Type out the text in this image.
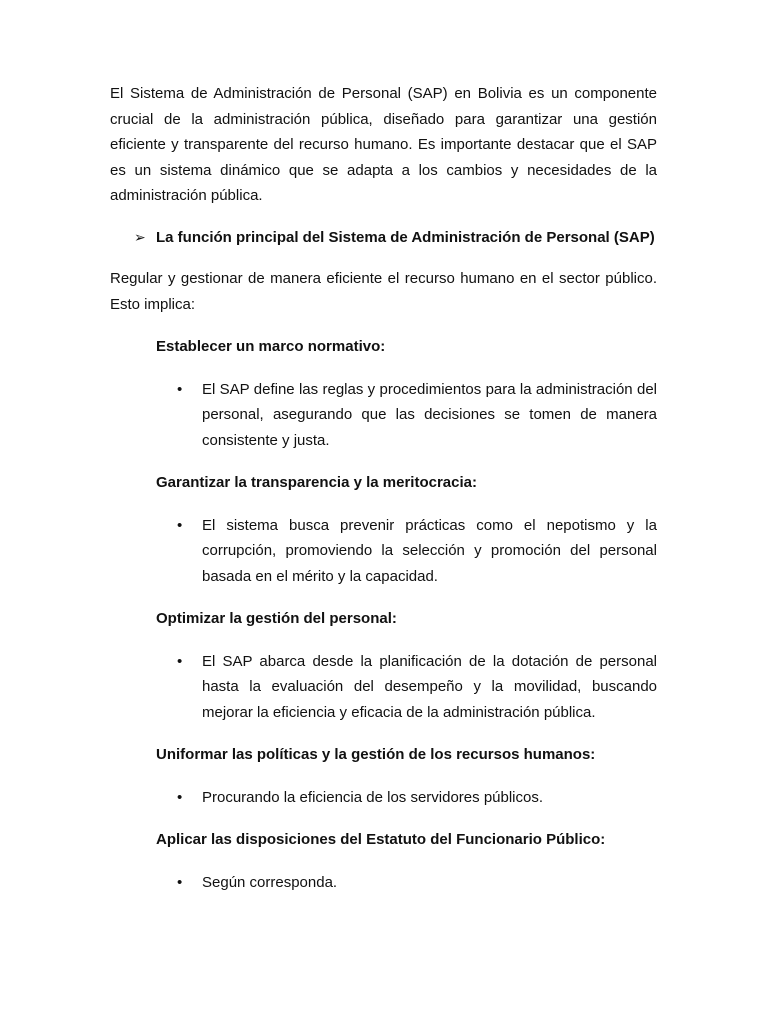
El Sistema de Administración de Personal (SAP) en Bolivia es un componente crucial de la administración pública, diseñado para garantizar una gestión eficiente y transparente del recurso humano. Es importante destacar que el SAP es un sistema dinámico que se adapta a los cambios y necesidades de la administración pública.

➢ La función principal del Sistema de Administración de Personal (SAP)

Regular y gestionar de manera eficiente el recurso humano en el sector público. Esto implica:

Establecer un marco normativo:

• El SAP define las reglas y procedimientos para la administración del personal, asegurando que las decisiones se tomen de manera consistente y justa.

Garantizar la transparencia y la meritocracia:

• El sistema busca prevenir prácticas como el nepotismo y la corrupción, promoviendo la selección y promoción del personal basada en el mérito y la capacidad.

Optimizar la gestión del personal:

• El SAP abarca desde la planificación de la dotación de personal hasta la evaluación del desempeño y la movilidad, buscando mejorar la eficiencia y eficacia de la administración pública.

Uniformar las políticas y la gestión de los recursos humanos:

• Procurando la eficiencia de los servidores públicos.

Aplicar las disposiciones del Estatuto del Funcionario Público:

• Según corresponda.
